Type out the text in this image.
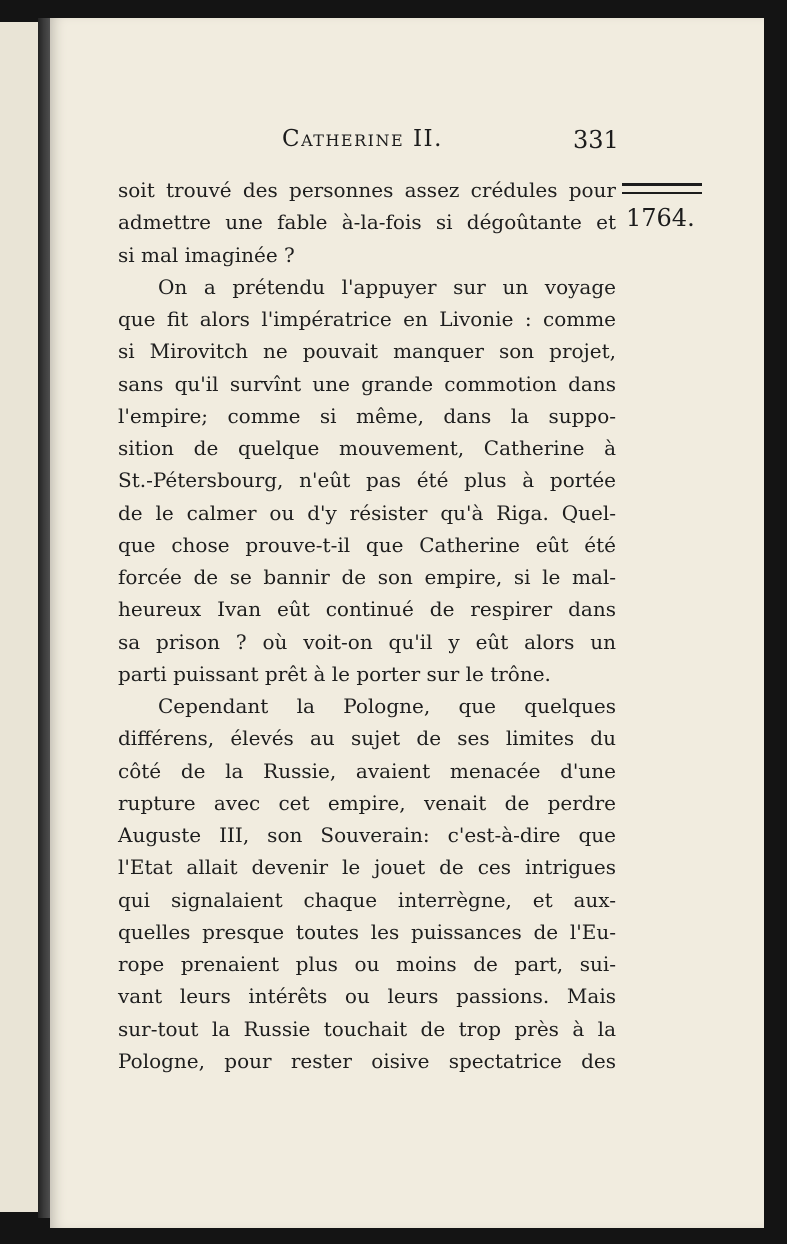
Catherine II.	331
1764.
soit trouvé des personnes assez crédules pour
admettre une fable à-la-fois si dégoûtante et
si mal imaginée ?
On a prétendu l'appuyer sur un voyage
que fit alors l'impératrice en Livonie : comme
si Mirovitch ne pouvait manquer son projet,
sans qu'il survînt une grande commotion dans
l'empire; comme si même, dans la suppo-
sition de quelque mouvement, Catherine à
St.-Pétersbourg, n'eût pas été plus à portée
de le calmer ou d'y résister qu'à Riga. Quel-
que chose prouve-t-il que Catherine eût été
forcée de se bannir de son empire, si le mal-
heureux Ivan eût continué de respirer dans
sa prison ? où voit-on qu'il y eût alors un
parti puissant prêt à le porter sur le trône.
Cependant la Pologne, que quelques
différens, élevés au sujet de ses limites du
côté de la Russie, avaient menacée d'une
rupture avec cet empire, venait de perdre
Auguste III, son Souverain: c'est-à-dire que
l'Etat allait devenir le jouet de ces intrigues
qui signalaient chaque interrègne, et aux-
quelles presque toutes les puissances de l'Eu-
rope prenaient plus ou moins de part, sui-
vant leurs intérêts ou leurs passions. Mais
sur-tout la Russie touchait de trop près à la
Pologne, pour rester oisive spectatrice des
